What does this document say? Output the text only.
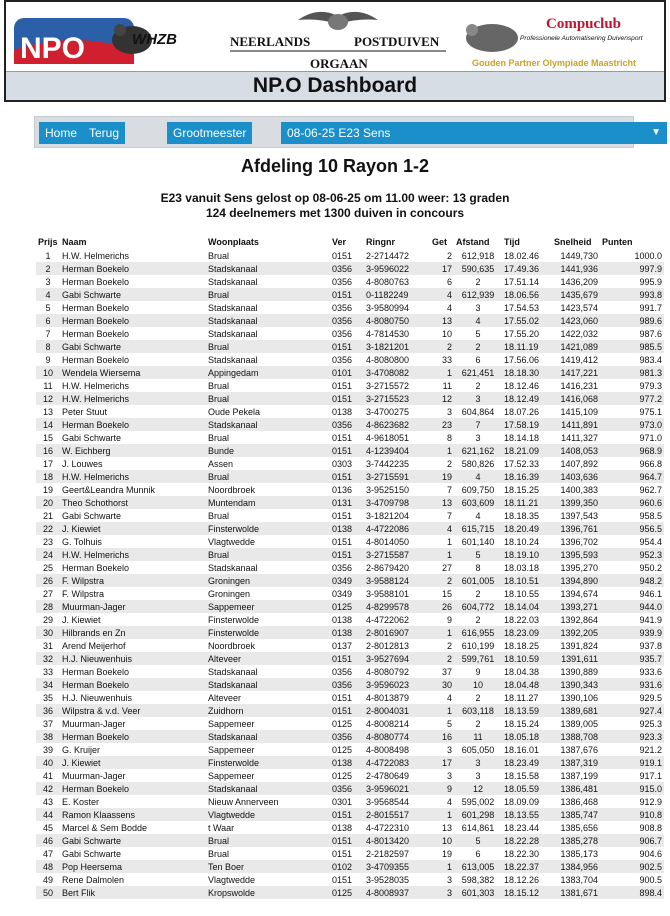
NPO	WHZB	NEERLANDS	POSTDUIVEN
ORGAAN
Compuclub
Professionele Automatisering Duivensport
Gouden Partner Olympiade Maastricht
NP.O Dashboard
Home Terug	Grootmeester	08-06-25 E23 Sens	▼
Afdeling 10 Rayon 1-2
E23 vanuit Sens gelost op 08-06-25 om 11.00 weer: 13 graden
124 deelnemers met 1300 duiven in concours
Prijs	Naam	Woonplaats	Ver	Ringnr	Get	Afstand	Tijd	Snelheid	Punten
1	H.W. Helmerichs	Brual	0151	2-2714472	2	612,918	18.02.46	1449,730	1000.0
2	Herman Boekelo	Stadskanaal	0356	3-9596022	17	590,635	17.49.36	1441,936	997.9
3	Herman Boekelo	Stadskanaal	0356	4-8080763	6	2	17.51.14	1436,209	995.9
4	Gabi Schwarte	Brual	0151	0-1182249	4	612,939	18.06.56	1435,679	993.8
5	Herman Boekelo	Stadskanaal	0356	3-9580994	4	3	17.54.53	1423,574	991.7
6	Herman Boekelo	Stadskanaal	0356	4-8080750	13	4	17.55.02	1423,060	989.6
7	Herman Boekelo	Stadskanaal	0356	4-7814530	10	5	17.55.20	1422,032	987.6
8	Gabi Schwarte	Brual	0151	3-1821201	2	2	18.11.19	1421,089	985.5
9	Herman Boekelo	Stadskanaal	0356	4-8080800	33	6	17.56.06	1419,412	983.4
10	Wendela Wiersema	Appingedam	0101	3-4708082	1	621,451	18.18.30	1417,221	981.3
11	H.W. Helmerichs	Brual	0151	3-2715572	11	2	18.12.46	1416,231	979.3
12	H.W. Helmerichs	Brual	0151	3-2715523	12	3	18.12.49	1416,068	977.2
13	Peter Stuut	Oude Pekela	0138	3-4700275	3	604,864	18.07.26	1415,109	975.1
14	Herman Boekelo	Stadskanaal	0356	4-8623682	23	7	17.58.19	1411,891	973.0
15	Gabi Schwarte	Brual	0151	4-9618051	8	3	18.14.18	1411,327	971.0
16	W. Eichberg	Bunde	0151	4-1239404	1	621,162	18.21.09	1408,053	968.9
17	J. Louwes	Assen	0303	3-7442235	2	580,826	17.52.33	1407,892	966.8
18	H.W. Helmerichs	Brual	0151	3-2715591	19	4	18.16.39	1403,636	964.7
19	Geert&Leandra Munnik	Noordbroek	0136	3-9525150	7	609,750	18.15.25	1400,383	962.7
20	Theo Schothorst	Muntendam	0131	3-4709798	13	603,609	18.11.21	1399,350	960.6
21	Gabi Schwarte	Brual	0151	3-1821204	7	4	18.18.35	1397,543	958.5
22	J. Kiewiet	Finsterwolde	0138	4-4722086	4	615,715	18.20.49	1396,761	956.5
23	G. Tolhuis	Vlagtwedde	0151	4-8014050	1	601,140	18.10.24	1396,702	954.4
24	H.W. Helmerichs	Brual	0151	3-2715587	1	5	18.19.10	1395,593	952.3
25	Herman Boekelo	Stadskanaal	0356	2-8679420	27	8	18.03.18	1395,270	950.2
26	F. Wilpstra	Groningen	0349	3-9588124	2	601,005	18.10.51	1394,890	948.2
27	F. Wilpstra	Groningen	0349	3-9588101	15	2	18.10.55	1394,674	946.1
28	Muurman-Jager	Sappemeer	0125	4-8299578	26	604,772	18.14.04	1393,271	944.0
29	J. Kiewiet	Finsterwolde	0138	4-4722062	9	2	18.22.03	1392,864	941.9
30	Hilbrands en Zn	Finsterwolde	0138	2-8016907	1	616,955	18.23.09	1392,205	939.9
31	Arend Meijerhof	Noordbroek	0137	2-8012813	2	610,199	18.18.25	1391,824	937.8
32	H.J. Nieuwenhuis	Alteveer	0151	3-9527694	2	599,761	18.10.59	1391,611	935.7
33	Herman Boekelo	Stadskanaal	0356	4-8080792	37	9	18.04.38	1390,889	933.6
34	Herman Boekelo	Stadskanaal	0356	3-9596023	30	10	18.04.48	1390,343	931.6
35	H.J. Nieuwenhuis	Alteveer	0151	4-8013879	4	2	18.11.27	1390,106	929.5
36	Wilpstra & v.d. Veer	Zuidhorn	0151	2-8004031	1	603,118	18.13.59	1389,681	927.4
37	Muurman-Jager	Sappemeer	0125	4-8008214	5	2	18.15.24	1389,005	925.3
38	Herman Boekelo	Stadskanaal	0356	4-8080774	16	11	18.05.18	1388,708	923.3
39	G. Kruijer	Sappemeer	0125	4-8008498	3	605,050	18.16.01	1387,676	921.2
40	J. Kiewiet	Finsterwolde	0138	4-4722083	17	3	18.23.49	1387,319	919.1
41	Muurman-Jager	Sappemeer	0125	2-4780649	3	3	18.15.58	1387,199	917.1
42	Herman Boekelo	Stadskanaal	0356	3-9596021	9	12	18.05.59	1386,481	915.0
43	E. Koster	Nieuw Annerveen	0301	3-9568544	4	595,002	18.09.09	1386,468	912.9
44	Ramon Klaassens	Vlagtwedde	0151	2-8015517	1	601,298	18.13.55	1385,747	910.8
45	Marcel & Sem Bodde	t Waar	0138	4-4722310	13	614,861	18.23.44	1385,656	908.8
46	Gabi Schwarte	Brual	0151	4-8013420	10	5	18.22.28	1385,278	906.7
47	Gabi Schwarte	Brual	0151	2-2182597	19	6	18.22.30	1385,173	904.6
48	Pop Heersema	Ten Boer	0102	3-4709355	1	613,005	18.22.37	1384,956	902.5
49	Rene Dalmolen	Vlagtwedde	0151	3-9528035	3	598,382	18.12.26	1383,704	900.5
50	Bert Flik	Kropswolde	0125	4-8008937	3	601,303	18.15.12	1381,671	898.4
